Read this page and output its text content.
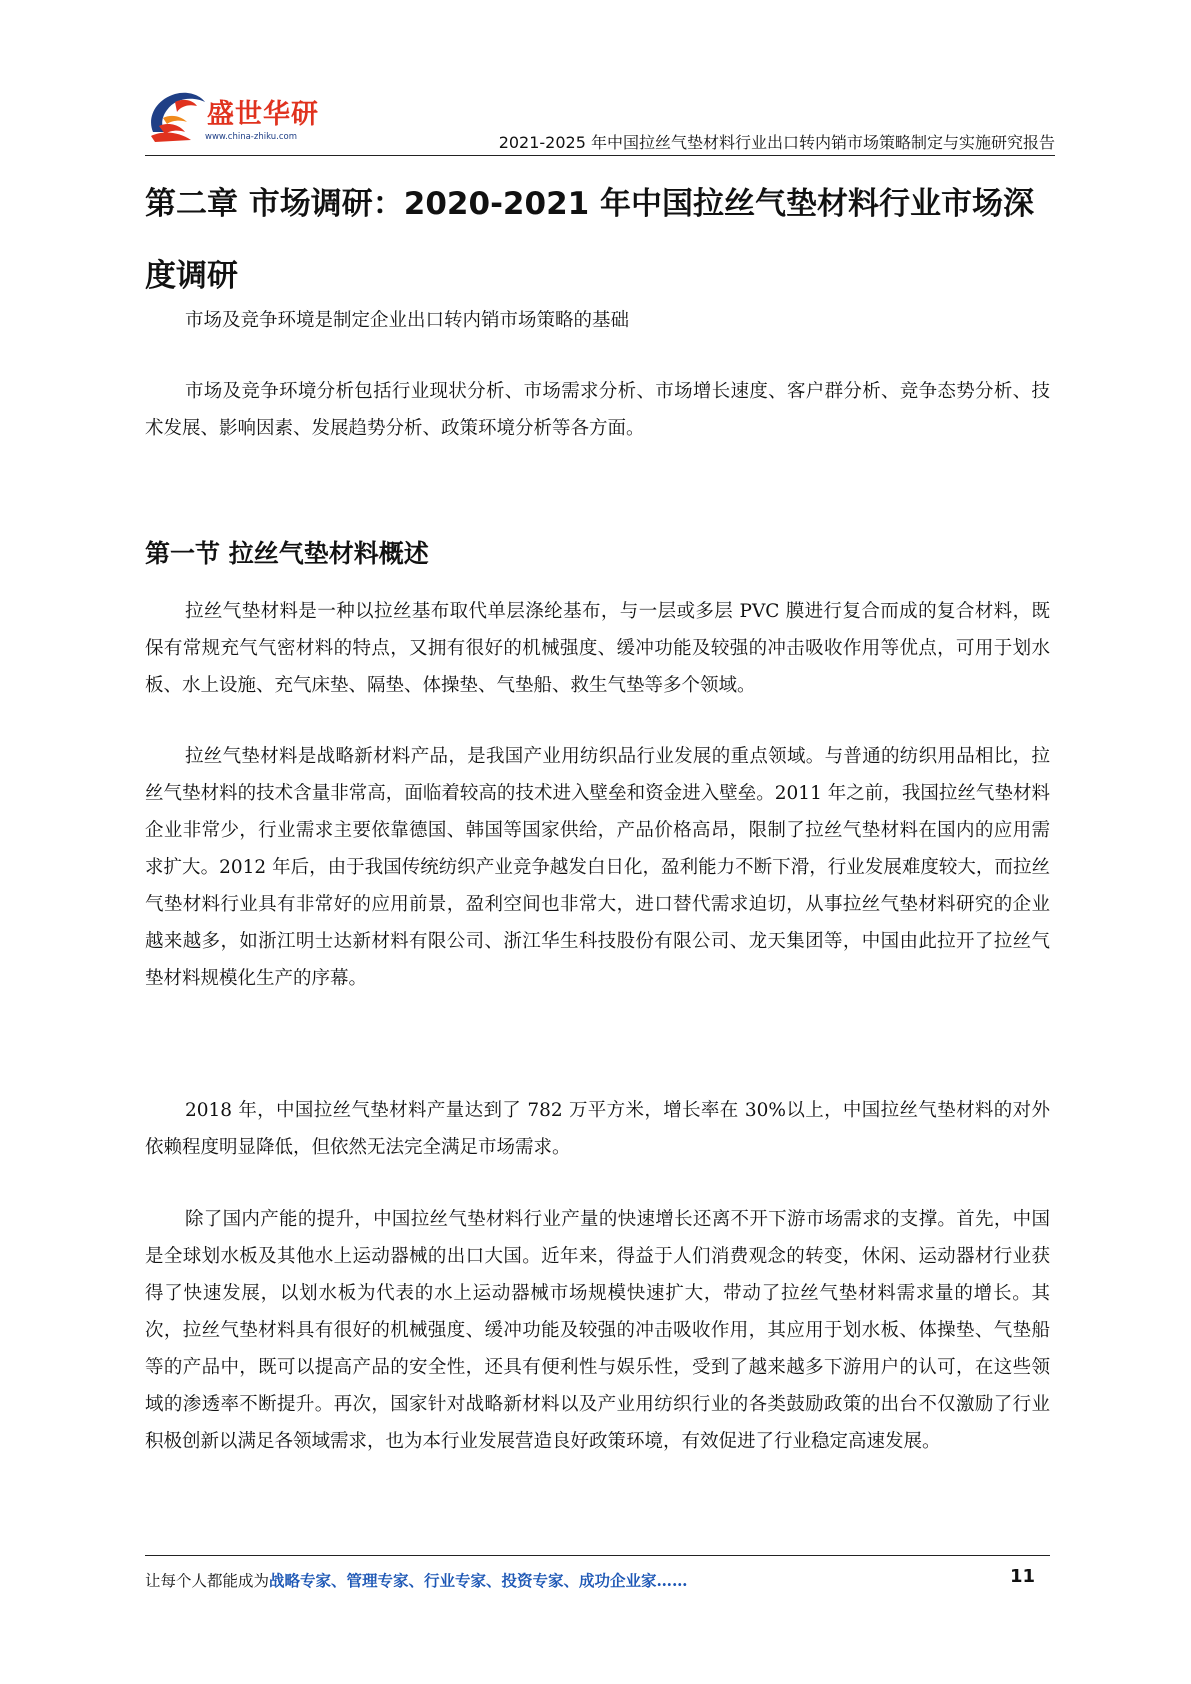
盛世华研
www.china-zhiku.com	2021-2025 年中国拉丝气垫材料行业出口转内销市场策略制定与实施研究报告
第二章 市场调研：2020-2021 年中国拉丝气垫材料行业市场深度调研

市场及竞争环境是制定企业出口转内销市场策略的基础

市场及竞争环境分析包括行业现状分析、市场需求分析、市场增长速度、客户群分析、竞争态势分析、技术发展、影响因素、发展趋势分析、政策环境分析等各方面。

第一节 拉丝气垫材料概述

拉丝气垫材料是一种以拉丝基布取代单层涤纶基布，与一层或多层 PVC 膜进行复合而成的复合材料，既保有常规充气气密材料的特点，又拥有很好的机械强度、缓冲功能及较强的冲击吸收作用等优点，可用于划水板、水上设施、充气床垫、隔垫、体操垫、气垫船、救生气垫等多个领域。

拉丝气垫材料是战略新材料产品，是我国产业用纺织品行业发展的重点领域。与普通的纺织用品相比，拉丝气垫材料的技术含量非常高，面临着较高的技术进入壁垒和资金进入壁垒。2011 年之前，我国拉丝气垫材料企业非常少，行业需求主要依靠德国、韩国等国家供给，产品价格高昂，限制了拉丝气垫材料在国内的应用需求扩大。2012 年后，由于我国传统纺织产业竞争越发白日化，盈利能力不断下滑，行业发展难度较大，而拉丝气垫材料行业具有非常好的应用前景，盈利空间也非常大，进口替代需求迫切，从事拉丝气垫材料研究的企业越来越多，如浙江明士达新材料有限公司、浙江华生科技股份有限公司、龙天集团等，中国由此拉开了拉丝气垫材料规模化生产的序幕。

2018 年，中国拉丝气垫材料产量达到了 782 万平方米，增长率在 30%以上，中国拉丝气垫材料的对外依赖程度明显降低，但依然无法完全满足市场需求。

除了国内产能的提升，中国拉丝气垫材料行业产量的快速增长还离不开下游市场需求的支撑。首先，中国是全球划水板及其他水上运动器械的出口大国。近年来，得益于人们消费观念的转变，休闲、运动器材行业获得了快速发展，以划水板为代表的水上运动器械市场规模快速扩大，带动了拉丝气垫材料需求量的增长。其次，拉丝气垫材料具有很好的机械强度、缓冲功能及较强的冲击吸收作用，其应用于划水板、体操垫、气垫船等的产品中，既可以提高产品的安全性，还具有便利性与娱乐性，受到了越来越多下游用户的认可，在这些领域的渗透率不断提升。再次，国家针对战略新材料以及产业用纺织行业的各类鼓励政策的出台不仅激励了行业积极创新以满足各领域需求，也为本行业发展营造良好政策环境，有效促进了行业稳定高速发展。

让每个人都能成为战略专家、管理专家、行业专家、投资专家、成功企业家……	11
